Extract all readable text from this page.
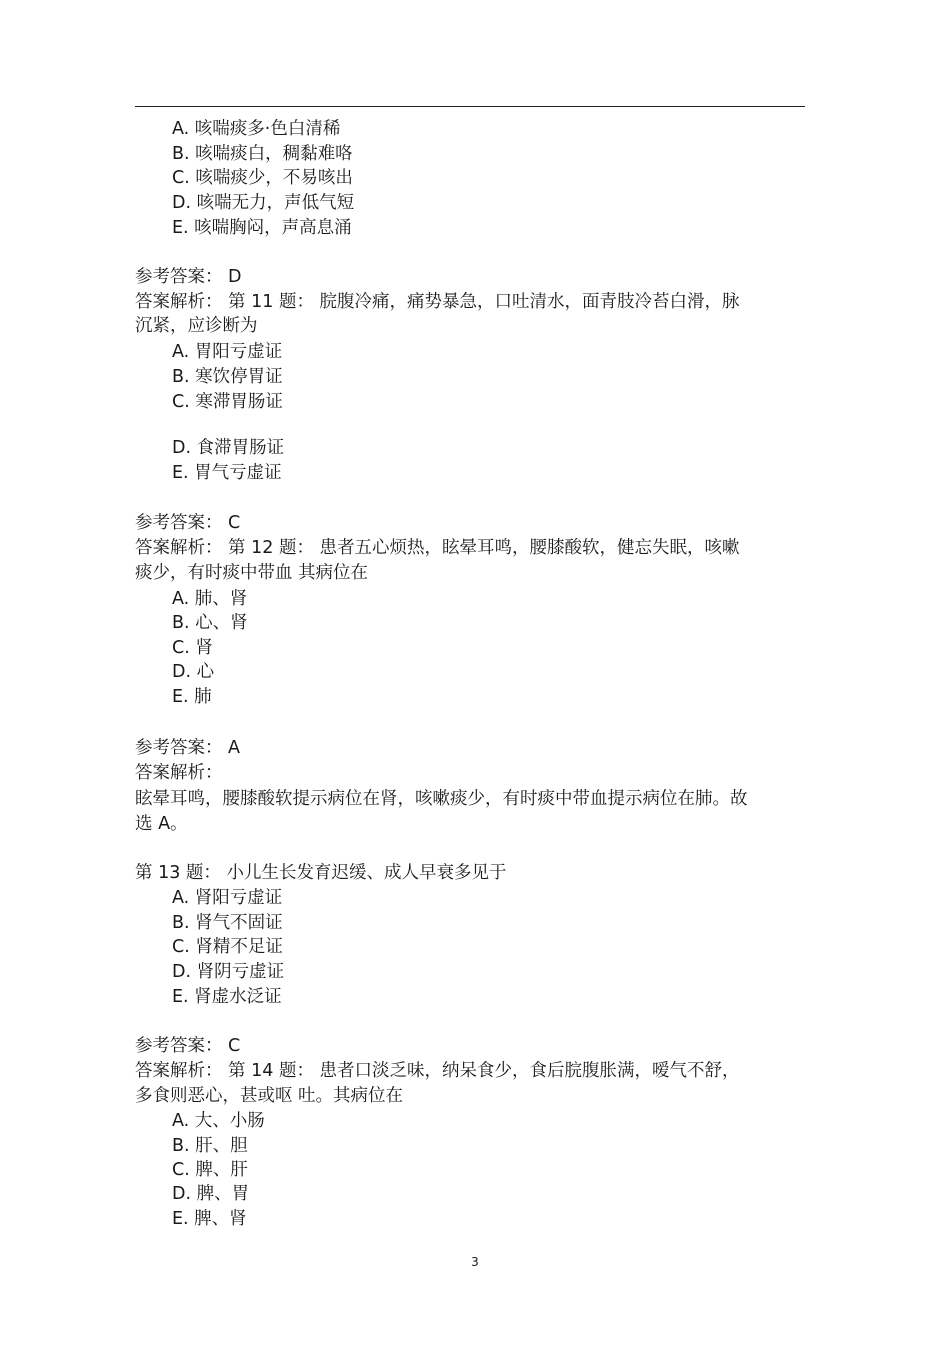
A. 咳喘痰多·色白清稀
B. 咳喘痰白，稠黏难咯
C. 咳喘痰少，不易咳出
D. 咳喘无力，声低气短
E. 咳喘胸闷，声高息涌
参考答案： D
答案解析： 第 11 题： 脘腹冷痛，痛势暴急，口吐清水，面青肢冷苔白滑，脉
沉紧，应诊断为
A. 胃阳亏虚证
B. 寒饮停胃证
C. 寒滞胃肠证
D. 食滞胃肠证
E. 胃气亏虚证
参考答案： C
答案解析： 第 12 题： 患者五心烦热，眩晕耳鸣，腰膝酸软，健忘失眠，咳嗽
痰少，有时痰中带血 其病位在
A. 肺、肾
B. 心、肾
C. 肾
D. 心
E. 肺
参考答案： A
答案解析：
眩晕耳鸣，腰膝酸软提示病位在肾，咳嗽痰少，有时痰中带血提示病位在肺。故
选 A。
第 13 题： 小儿生长发育迟缓、成人早衰多见于
A. 肾阳亏虚证
B. 肾气不固证
C. 肾精不足证
D. 肾阴亏虚证
E. 肾虚水泛证
参考答案： C
答案解析： 第 14 题： 患者口淡乏味，纳呆食少，食后脘腹胀满，嗳气不舒，
多食则恶心，甚或呕 吐。其病位在
A. 大、小肠
B. 肝、胆
C. 脾、肝
D. 脾、胃
E. 脾、肾
3
